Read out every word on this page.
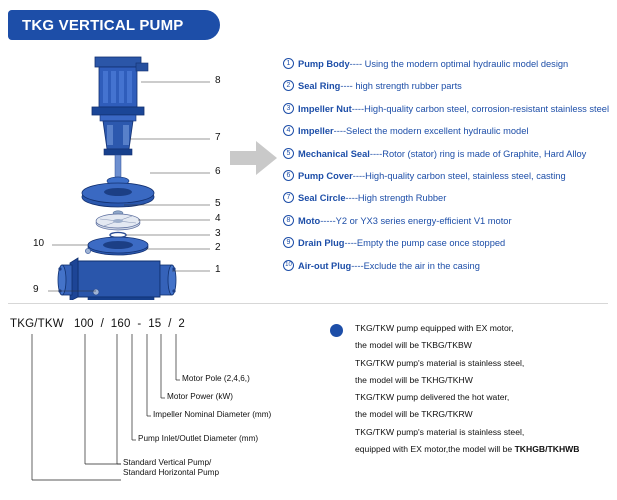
TKG VERTICAL PUMP
8
7
6
5
4
3
2
1
10
9
1 Pump Body ---- Using the modern optimal hydraulic model design
2 Seal Ring ---- high strength rubber parts
3 Impeller Nut ----High-quality carbon steel, corrosion-resistant stainless steel
4 Impeller ----Select the modern excellent hydraulic model
5 Mechanical Seal ----Rotor (stator) ring is made of Graphite, Hard Alloy
6 Pump Cover ----High-quality carbon steel, stainless steel, casting
7 Seal Circle ----High strength Rubber
8 Moto -----Y2 or YX3 series energy-efficient V1 motor
9 Drain Plug ----Empty the pump case once stopped
10 Air-out Plug ----Exclude the air in the casing
TKG/TKW 100 / 160 - 15 / 2
Motor Pole (2,4,6,)
Motor Power (kW)
Impeller Nominal Diameter (mm)
Pump Inlet/Outlet Diameter (mm)
Standard Vertical Pump/
Standard Horizontal Pump
TKG/TKW pump equipped with EX motor,
the model will be TKBG/TKBW
TKG/TKW pump's material is stainless steel,
the model will be TKHG/TKHW
TKG/TKW pump delivered the hot water,
the model will be TKRG/TKRW
TKG/TKW pump's material is stainless steel,
equipped with EX motor,the model will be TKHGB/TKHWB
